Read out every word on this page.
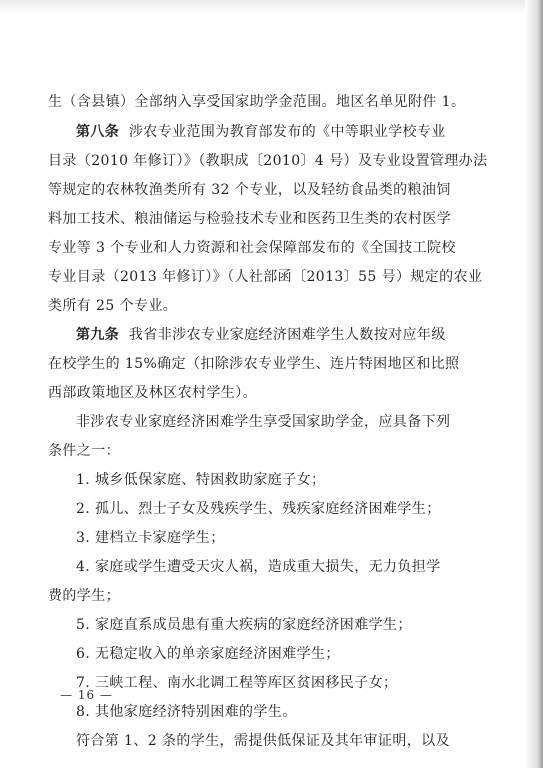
生（含县镇）全部纳入享受国家助学金范围。地区名单见附件 1。
第八条 涉农专业范围为教育部发布的《中等职业学校专业
目录（2010 年修订）》（教职成〔2010〕4 号）及专业设置管理办法
等规定的农林牧渔类所有 32 个专业，以及轻纺食品类的粮油饲
料加工技术、粮油储运与检验技术专业和医药卫生类的农村医学
专业等 3 个专业和人力资源和社会保障部发布的《全国技工院校
专业目录（2013 年修订）》（人社部函〔2013〕55 号）规定的农业
类所有 25 个专业。
第九条 我省非涉农专业家庭经济困难学生人数按对应年级
在校学生的 15%确定（扣除涉农专业学生、连片特困地区和比照
西部政策地区及林区农村学生）。
非涉农专业家庭经济困难学生享受国家助学金，应具备下列
条件之一：
1. 城乡低保家庭、特困救助家庭子女；
2. 孤儿、烈士子女及残疾学生、残疾家庭经济困难学生；
3. 建档立卡家庭学生；
4. 家庭或学生遭受天灾人祸，造成重大损失，无力负担学
费的学生；
5. 家庭直系成员患有重大疾病的家庭经济困难学生；
6. 无稳定收入的单亲家庭经济困难学生；
7. 三峡工程、南水北调工程等库区贫困移民子女；
8. 其他家庭经济特别困难的学生。
符合第 1、2 条的学生，需提供低保证及其年审证明，以及
— 16 —
